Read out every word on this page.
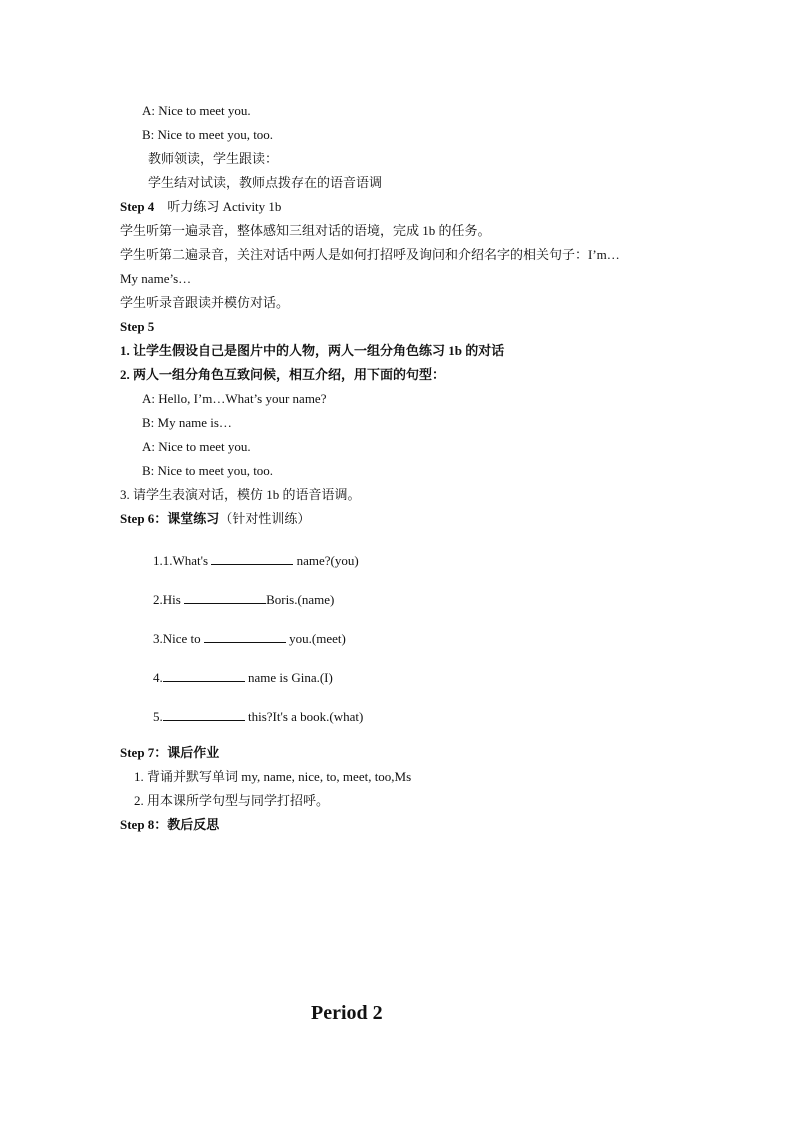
A: Nice to meet you.
B: Nice to meet you, too.
教师领读，学生跟读：
学生结对试读，教师点拨存在的语音语调
Step 4 听力练习 Activity 1b
学生听第一遍录音，整体感知三组对话的语境，完成 1b 的任务。
学生听第二遍录音，关注对话中两人是如何打招呼及询问和介绍名字的相关句子：I’m…
My name’s…
学生听录音跟读并模仿对话。
Step 5
1. 让学生假设自己是图片中的人物，两人一组分角色练习 1b 的对话
2. 两人一组分角色互致问候，相互介绍，用下面的句型：
A: Hello, I’m…What’s your name?
B: My name is…
A: Nice to meet you.
B: Nice to meet you, too.
3. 请学生表演对话，模仿 1b 的语音语调。
Step 6：课堂练习（针对性训练）
1.1.What's	name?(you)
2.His	Boris.(name)
3.Nice to	you.(meet)
4.	name is Gina.(I)
5.	this?It's a book.(what)
Step 7：课后作业
1. 背诵并默写单词 my, name, nice, to, meet, too,Ms
2. 用本课所学句型与同学打招呼。
Step 8：教后反思
Period 2
